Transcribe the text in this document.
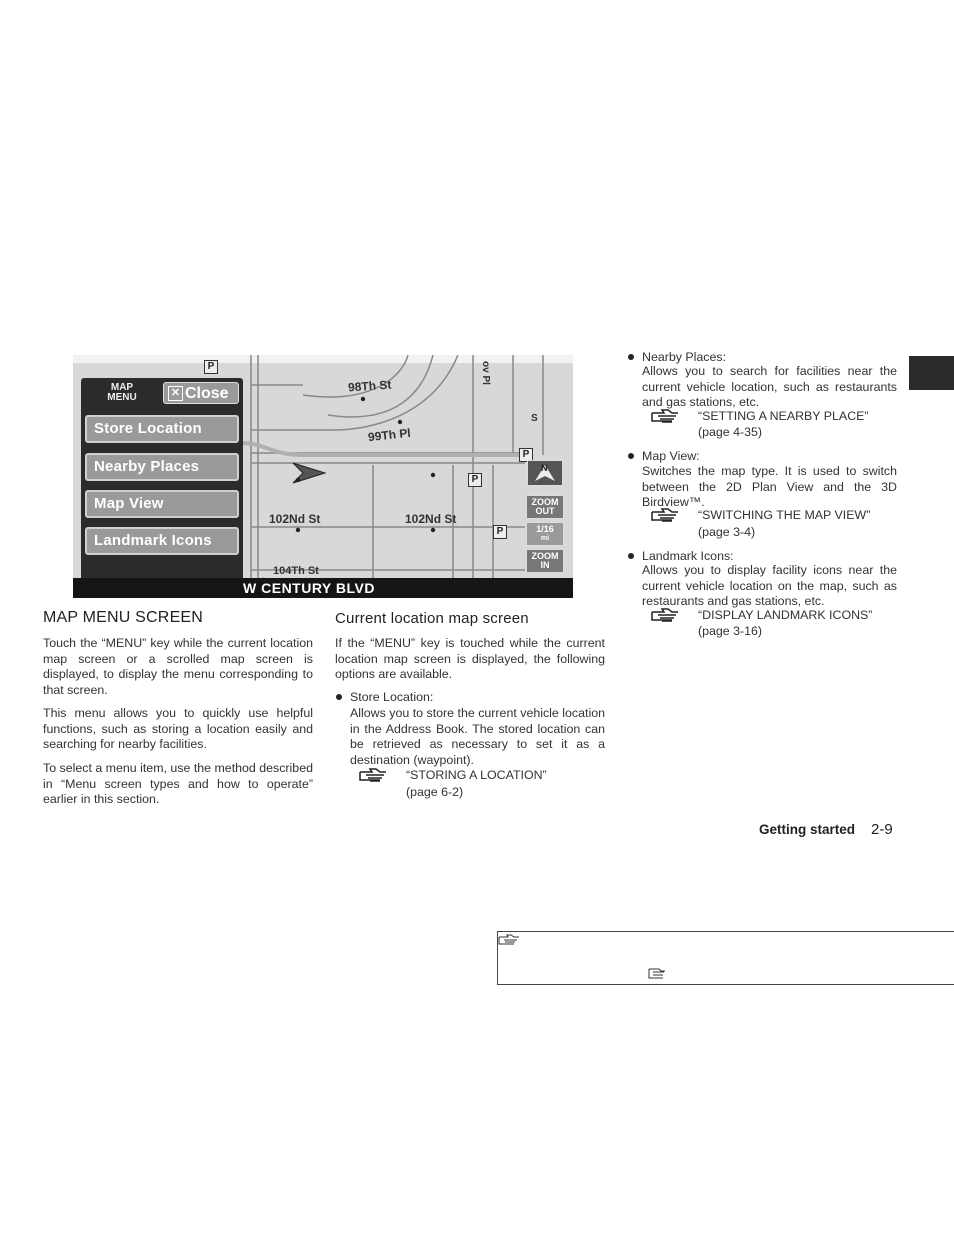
98Th St
99Th Pl
102Nd St	102Nd St
104Th St
ov Pl
S
P
P
P
P
MAP
MENU	✕ Close
Store Location
Nearby Places
Map View
Landmark Icons
N
ZOOM
OUT
1/16
mi
ZOOM
IN
W CENTURY BLVD
MAP MENU SCREEN

Touch the “MENU” key while the current location map screen or a scrolled map screen is displayed, to display the menu corresponding to that screen.

This menu allows you to quickly use helpful functions, such as storing a location easily and searching for nearby facilities.

To select a menu item, use the method described in “Menu screen types and how to operate” earlier in this section.

Current location map screen

If the “MENU” key is touched while the current location map screen is displayed, the following options are available.

Store Location:

Allows you to store the current vehicle location in the Address Book. The stored location can be retrieved as necessary to set it as a destination (waypoint).

“STORING A LOCATION”

(page 6-2)

Nearby Places:

Allows you to search for facilities near the current vehicle location, such as restaurants and gas stations, etc.

“SETTING A NEARBY PLACE”

(page 4-35)

Map View:

Switches the map type. It is used to switch between the 2D Plan View and the 3D Birdview™.

“SWITCHING THE MAP VIEW”

(page 3-4)

Landmark Icons:

Allows you to display facility icons near the current vehicle location on the map, such as restaurants and gas stations, etc.

“DISPLAY LANDMARK ICONS”

(page 3-16)

Getting started 2-9
